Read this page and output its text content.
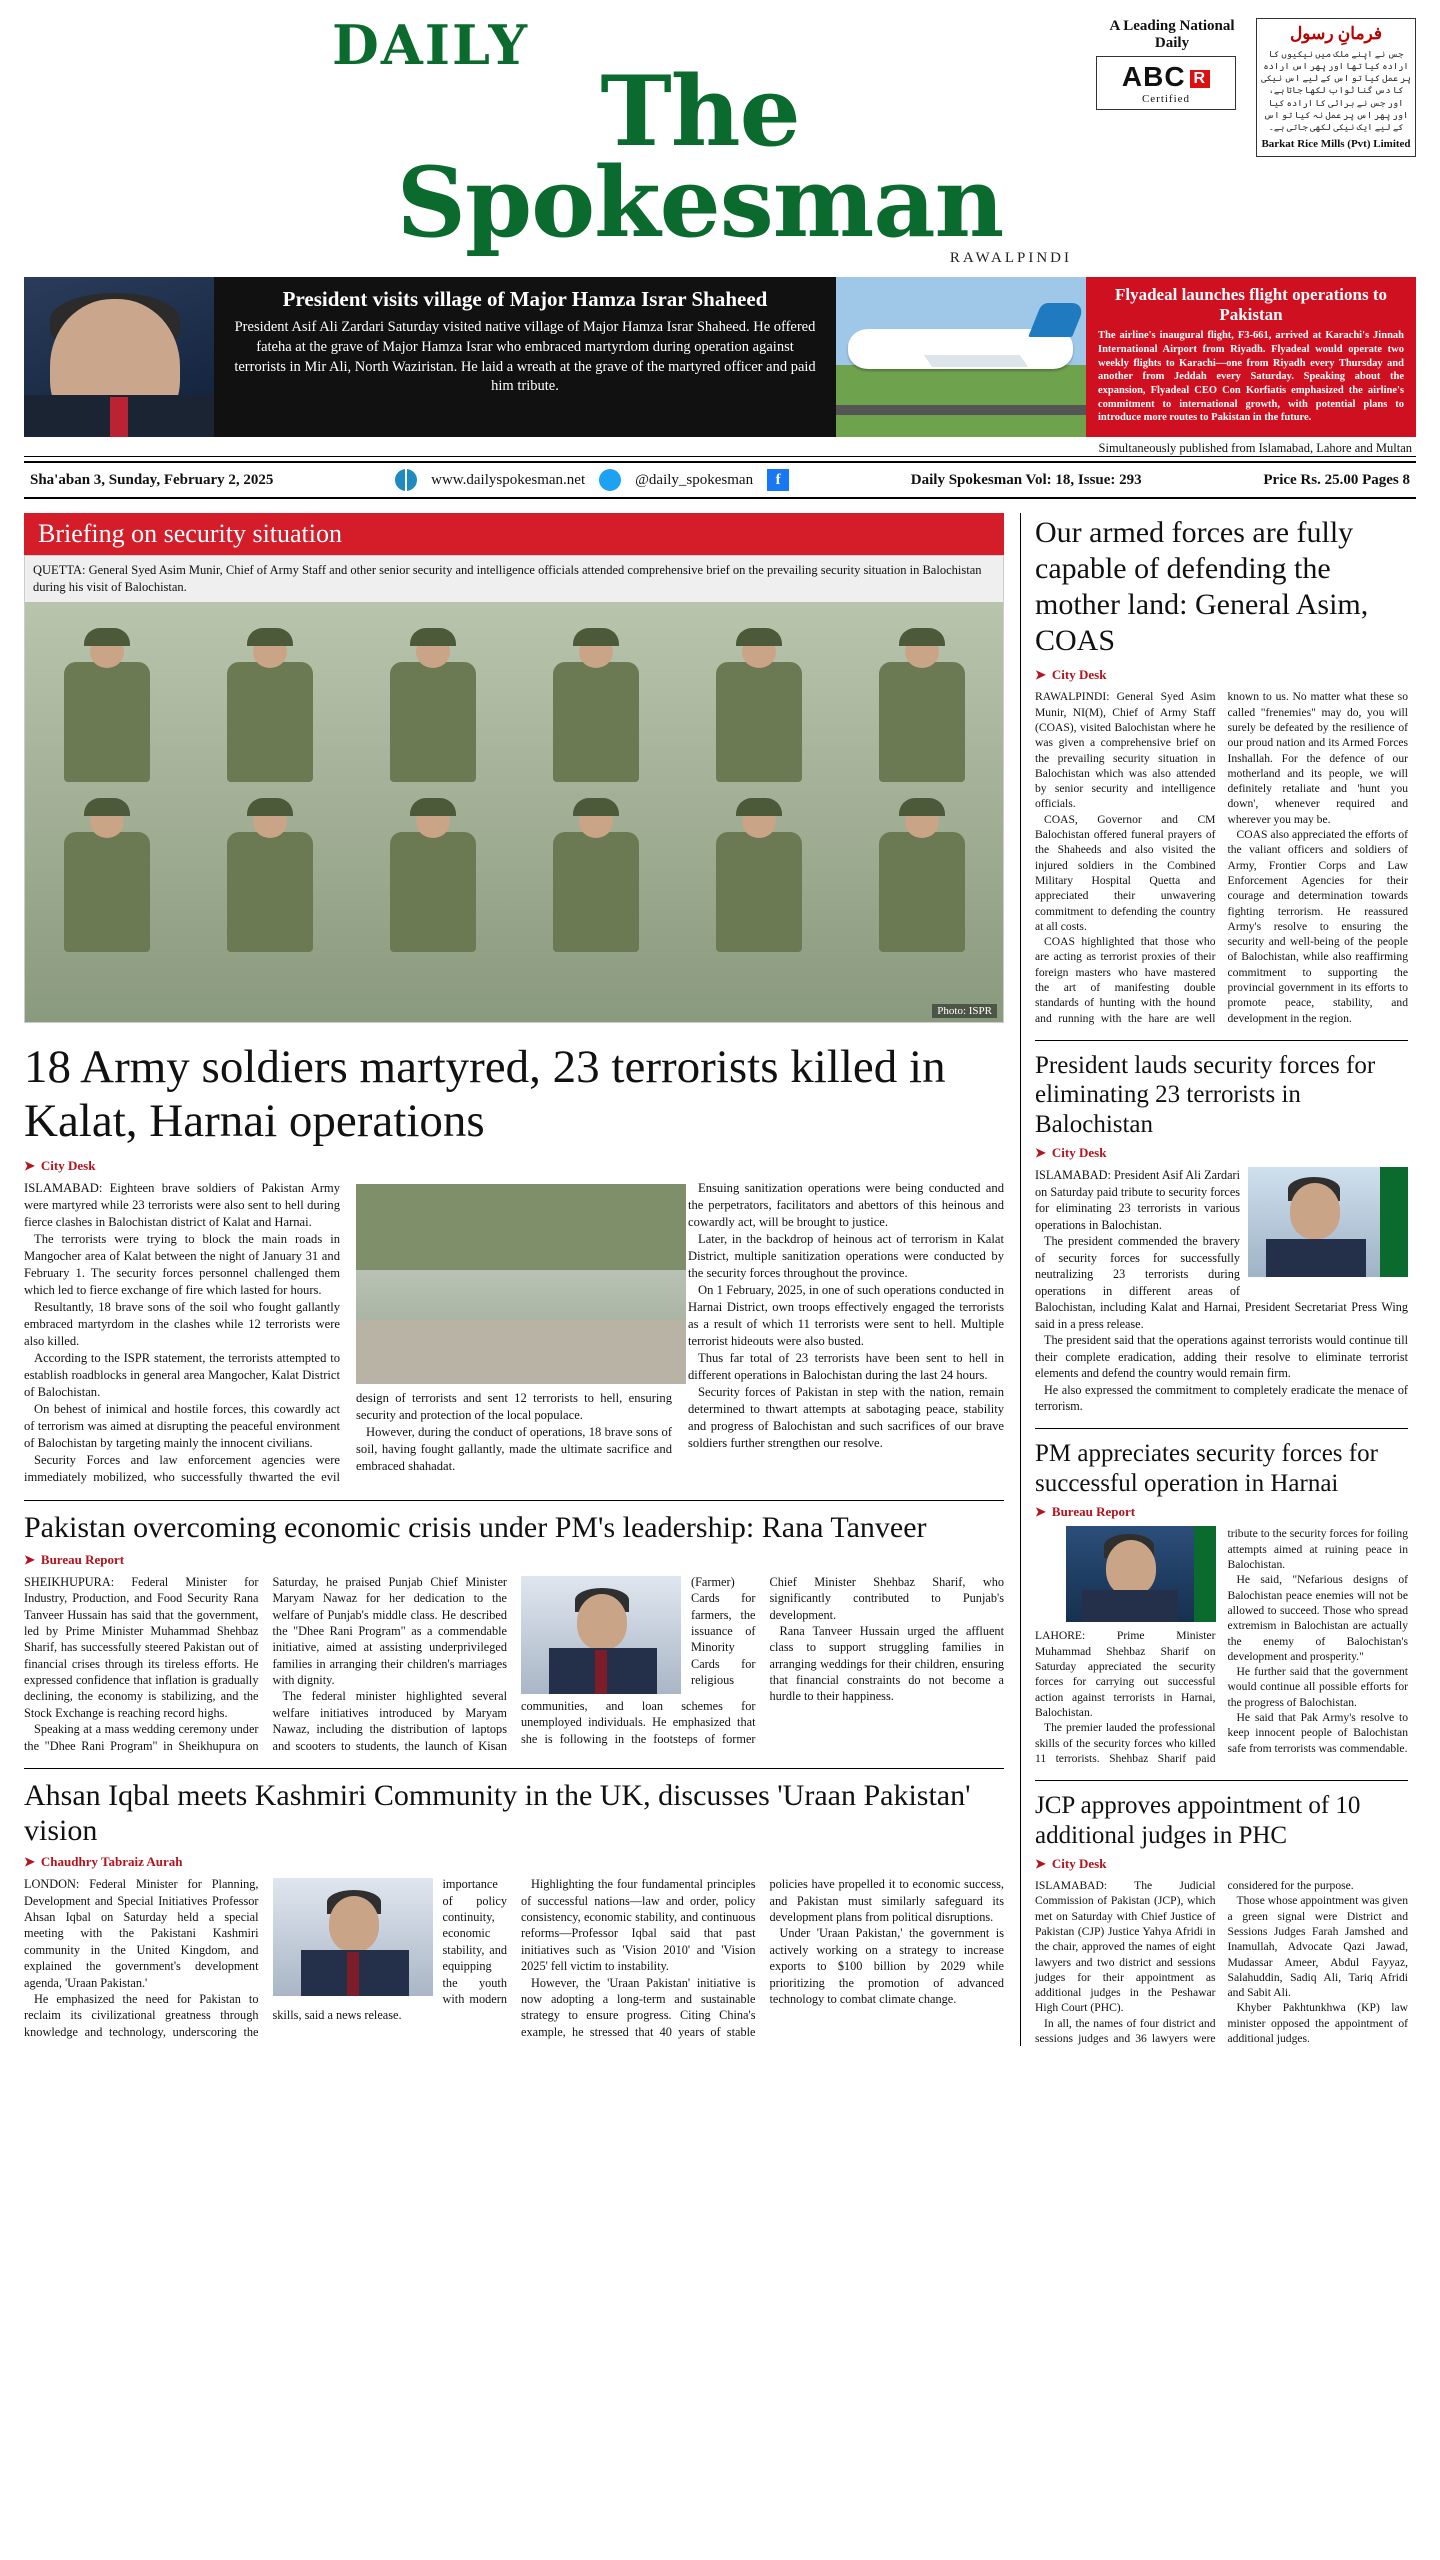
DAILY
The Spokesman
RAWALPINDI
A Leading National Daily
ABC R
Certified
فرمانِ رسول
جس نے اپنے ملک میں نیکیوں کا ارادہ کیا تھا اور پھر اس ارادہ پر عمل کیا تو اس کے لیے اس نیکی کا دس گنا ثواب لکھا جاتا ہے، اور جس نے برائی کا ارادہ کیا اور پھر اس پر عمل نہ کیا تو اس کے لیے ایک نیکی لکھی جاتی ہے۔
Barkat Rice Mills (Pvt) Limited
President visits village of Major Hamza Israr Shaheed

President Asif Ali Zardari Saturday visited native village of Major Hamza Israr Shaheed. He offered fateha at the grave of Major Hamza Israr who embraced martyrdom during operation against terrorists in Mir Ali, North Waziristan. He laid a wreath at the grave of the martyred officer and paid him tribute.

Flyadeal launches flight operations to Pakistan

The airline's inaugural flight, F3-661, arrived at Karachi's Jinnah International Airport from Riyadh. Flyadeal would operate two weekly flights to Karachi—one from Riyadh every Thursday and another from Jeddah every Saturday. Speaking about the expansion, Flyadeal CEO Con Korfiatis emphasized the airline's commitment to international growth, with potential plans to introduce more routes to Pakistan in the future.

Simultaneously published from Islamabad, Lahore and Multan
Sha'aban 3, Sunday, February 2, 2025	www.dailyspokesman.net	@daily_spokesman	f	Daily Spokesman Vol: 18, Issue: 293	Price Rs. 25.00 Pages 8
Briefing on security situation
QUETTA: General Syed Asim Munir, Chief of Army Staff and other senior security and intelligence officials attended comprehensive brief on the prevailing security situation in Balochistan during his visit of Balochistan.
Photo: ISPR
18 Army soldiers martyred, 23 terrorists killed in Kalat, Harnai operations
➤ City Desk

ISLAMABAD: Eighteen brave soldiers of Pakistan Army were martyred while 23 terrorists were also sent to hell during fierce clashes in Balochistan district of Kalat and Harnai.

The terrorists were trying to block the main roads in Mangocher area of Kalat between the night of January 31 and February 1. The security forces personnel challenged them which led to fierce exchange of fire which lasted for hours.

Resultantly, 18 brave sons of the soil who fought gallantly embraced martyrdom in the clashes while 12 terrorists were also killed.

According to the ISPR statement, the terrorists attempted to establish roadblocks in general area Mangocher, Kalat District of Balochistan.

On behest of inimical and hostile forces, this cowardly act of terrorism was aimed at disrupting the peaceful environment of Balochistan by targeting mainly the innocent civilians.

Security Forces and law enforcement agencies were immediately mobilized, who successfully thwarted the evil design of terrorists and sent 12 terrorists to hell, ensuring security and protection of the local populace.

However, during the conduct of operations, 18 brave sons of soil, having fought gallantly, made the ultimate sacrifice and embraced shahadat.

Ensuing sanitization operations were being conducted and the perpetrators, facilitators and abettors of this heinous and cowardly act, will be brought to justice.

Later, in the backdrop of heinous act of terrorism in Kalat District, multiple sanitization operations were conducted by the security forces throughout the province.

On 1 February, 2025, in one of such operations conducted in Harnai District, own troops effectively engaged the terrorists as a result of which 11 terrorists were sent to hell. Multiple terrorist hideouts were also busted.

Thus far total of 23 terrorists have been sent to hell in different operations in Balochistan during the last 24 hours.

Security forces of Pakistan in step with the nation, remain determined to thwart attempts at sabotaging peace, stability and progress of Balochistan and such sacrifices of our brave soldiers further strengthen our resolve.

Pakistan overcoming economic crisis under PM's leadership: Rana Tanveer
➤ Bureau Report

SHEIKHUPURA: Federal Minister for Industry, Production, and Food Security Rana Tanveer Hussain has said that the government, led by Prime Minister Muhammad Shehbaz Sharif, has successfully steered Pakistan out of financial crises through its tireless efforts. He expressed confidence that inflation is gradually declining, the economy is stabilizing, and the Stock Exchange is reaching record highs.

Speaking at a mass wedding ceremony under the "Dhee Rani Program" in Sheikhupura on Saturday, he praised Punjab Chief Minister Maryam Nawaz for her dedication to the welfare of Punjab's middle class. He described the "Dhee Rani Program" as a commendable initiative, aimed at assisting underprivileged families in arranging their children's marriages with dignity.

The federal minister highlighted several welfare initiatives introduced by Maryam Nawaz, including the distribution of laptops and scooters to students, the launch of Kisan (Farmer) Cards for farmers, the issuance of Minority Cards for religious communities, and loan schemes for unemployed individuals. He emphasized that she is following in the footsteps of former Chief Minister Shehbaz Sharif, who significantly contributed to Punjab's development.

Rana Tanveer Hussain urged the affluent class to support struggling families in arranging weddings for their children, ensuring that financial constraints do not become a hurdle to their happiness.

Ahsan Iqbal meets Kashmiri Community in the UK, discusses 'Uraan Pakistan' vision
➤ Chaudhry Tabraiz Aurah

LONDON: Federal Minister for Planning, Development and Special Initiatives Professor Ahsan Iqbal on Saturday held a special meeting with the Pakistani Kashmiri community in the United Kingdom, and explained the government's development agenda, 'Uraan Pakistan.'

He emphasized the need for Pakistan to reclaim its civilizational greatness through knowledge and technology, underscoring the importance of policy continuity, economic stability, and equipping the youth with modern skills, said a news release.

Highlighting the four fundamental principles of successful nations—law and order, policy consistency, economic stability, and continuous reforms—Professor Iqbal said that past initiatives such as 'Vision 2010' and 'Vision 2025' fell victim to instability.

However, the 'Uraan Pakistan' initiative is now adopting a long-term and sustainable strategy to ensure progress. Citing China's example, he stressed that 40 years of stable policies have propelled it to economic success, and Pakistan must similarly safeguard its development plans from political disruptions.

Under 'Uraan Pakistan,' the government is actively working on a strategy to increase exports to $100 billion by 2029 while prioritizing the promotion of advanced technology to combat climate change.

Our armed forces are fully capable of defending the mother land: General Asim, COAS
➤ City Desk

RAWALPINDI: General Syed Asim Munir, NI(M), Chief of Army Staff (COAS), visited Balochistan where he was given a comprehensive brief on the prevailing security situation in Balochistan which was also attended by senior security and intelligence officials.

COAS, Governor and CM Balochistan offered funeral prayers of the Shaheeds and also visited the injured soldiers in the Combined Military Hospital Quetta and appreciated their unwavering commitment to defending the country at all costs.

COAS highlighted that those who are acting as terrorist proxies of their foreign masters who have mastered the art of manifesting double standards of hunting with the hound and running with the hare are well known to us. No matter what these so called "frenemies" may do, you will surely be defeated by the resilience of our proud nation and its Armed Forces Inshallah. For the defence of our motherland and its people, we will definitely retaliate and 'hunt you down', whenever required and wherever you may be.

COAS also appreciated the efforts of the valiant officers and soldiers of Army, Frontier Corps and Law Enforcement Agencies for their courage and determination towards fighting terrorism. He reassured Army's resolve to ensuring the security and well-being of the people of Balochistan, while also reaffirming commitment to supporting the provincial government in its efforts to promote peace, stability, and development in the region.

President lauds security forces for eliminating 23 terrorists in Balochistan
➤ City Desk

ISLAMABAD: President Asif Ali Zardari on Saturday paid tribute to security forces for eliminating 23 terrorists in various operations in Balochistan.

The president commended the bravery of security forces for successfully neutralizing 23 terrorists during operations in different areas of Balochistan, including Kalat and Harnai, President Secretariat Press Wing said in a press release.

The president said that the operations against terrorists would continue till their complete eradication, adding their resolve to eliminate terrorist elements and defend the country would remain firm.

He also expressed the commitment to completely eradicate the menace of terrorism.

PM appreciates security forces for successful operation in Harnai
➤ Bureau Report

LAHORE: Prime Minister Muhammad Shehbaz Sharif on Saturday appreciated the security forces for carrying out successful action against terrorists in Harnai, Balochistan.

The premier lauded the professional skills of the security forces who killed 11 terrorists. Shehbaz Sharif paid tribute to the security forces for foiling attempts aimed at ruining peace in Balochistan.

He said, "Nefarious designs of Balochistan peace enemies will not be allowed to succeed. Those who spread extremism in Balochistan are actually the enemy of Balochistan's development and prosperity."

He further said that the government would continue all possible efforts for the progress of Balochistan.

He said that Pak Army's resolve to keep innocent people of Balochistan safe from terrorists was commendable.

JCP approves appointment of 10 additional judges in PHC
➤ City Desk

ISLAMABAD: The Judicial Commission of Pakistan (JCP), which met on Saturday with Chief Justice of Pakistan (CJP) Justice Yahya Afridi in the chair, approved the names of eight lawyers and two district and sessions judges for their appointment as additional judges in the Peshawar High Court (PHC).

In all, the names of four district and sessions judges and 36 lawyers were considered for the purpose.

Those whose appointment was given a green signal were District and Sessions Judges Farah Jamshed and Inamullah, Advocate Qazi Jawad, Mudassar Ameer, Abdul Fayyaz, Salahuddin, Sadiq Ali, Tariq Afridi and Sabit Ali.

Khyber Pakhtunkhwa (KP) law minister opposed the appointment of additional judges.
